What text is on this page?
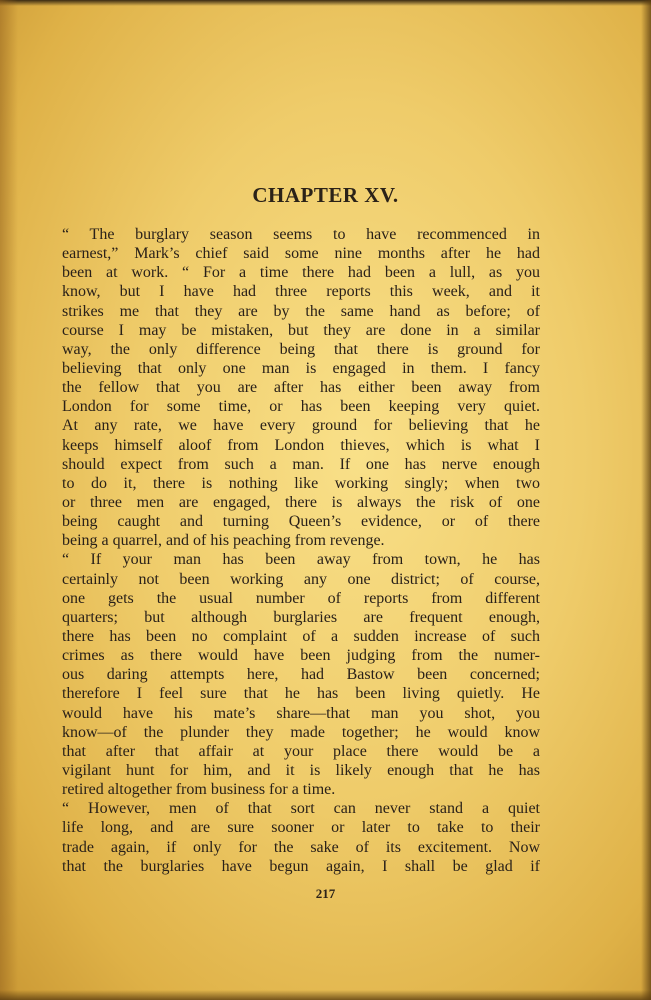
CHAPTER XV.
“ The burglary season seems to have recommenced in
earnest,” Mark’s chief said some nine months after he had
been at work. “ For a time there had been a lull, as you
know, but I have had three reports this week, and it
strikes me that they are by the same hand as before; of
course I may be mistaken, but they are done in a similar
way, the only difference being that there is ground for
believing that only one man is engaged in them. I fancy
the fellow that you are after has either been away from
London for some time, or has been keeping very quiet.
At any rate, we have every ground for believing that he
keeps himself aloof from London thieves, which is what I
should expect from such a man. If one has nerve enough
to do it, there is nothing like working singly; when two
or three men are engaged, there is always the risk of one
being caught and turning Queen’s evidence, or of there
being a quarrel, and of his peaching from revenge.
“ If your man has been away from town, he has
certainly not been working any one district; of course,
one gets the usual number of reports from different
quarters; but although burglaries are frequent enough,
there has been no complaint of a sudden increase of such
crimes as there would have been judging from the numer-
ous daring attempts here, had Bastow been concerned;
therefore I feel sure that he has been living quietly. He
would have his mate’s share—that man you shot, you
know—of the plunder they made together; he would know
that after that affair at your place there would be a
vigilant hunt for him, and it is likely enough that he has
retired altogether from business for a time.
“ However, men of that sort can never stand a quiet
life long, and are sure sooner or later to take to their
trade again, if only for the sake of its excitement. Now
that the burglaries have begun again, I shall be glad if
217
